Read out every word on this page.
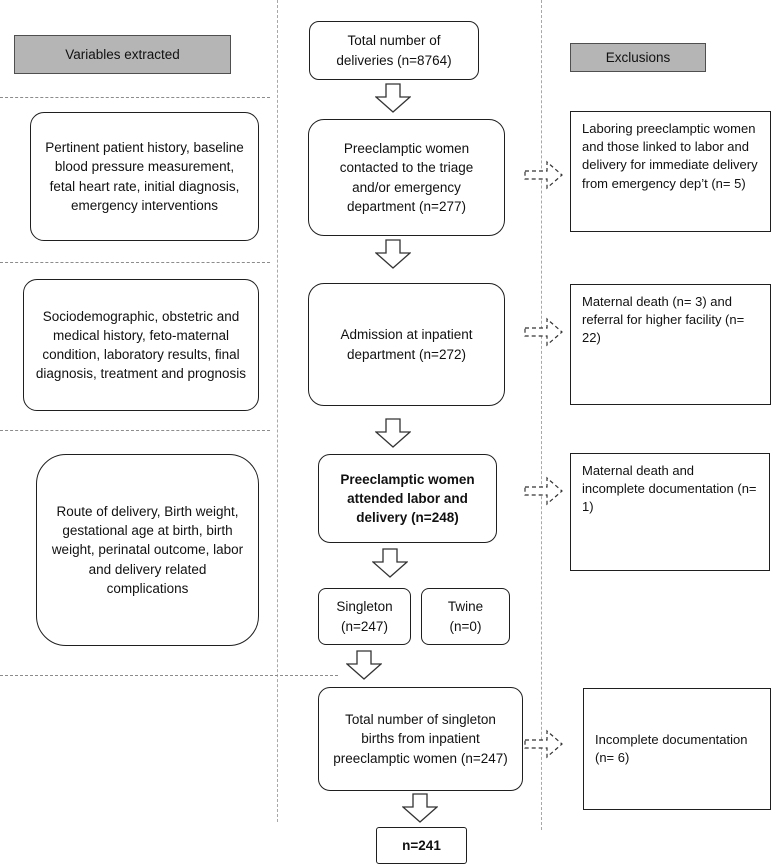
Variables extracted	Exclusions
Pertinent patient history, baseline blood pressure measurement, fetal heart rate, initial diagnosis, emergency interventions
Sociodemographic, obstetric and medical history, feto-maternal condition, laboratory results, final diagnosis, treatment and prognosis
Route of delivery, Birth weight, gestational age at birth, birth weight, perinatal outcome, labor and delivery related complications
Total number of deliveries (n=8764)
Preeclamptic women contacted to the triage and/or emergency department (n=277)
Admission at inpatient department (n=272)
Preeclamptic women attended labor and delivery (n=248)
Singleton (n=247)
Twine (n=0)
Total number of singleton births from inpatient preeclamptic women (n=247)
n=241
Laboring preeclamptic women and those linked to labor and delivery for immediate delivery from emergency dep’t (n= 5)
Maternal death (n= 3) and referral for higher facility (n= 22)
Maternal death and incomplete documentation (n= 1)
Incomplete documentation (n= 6)
